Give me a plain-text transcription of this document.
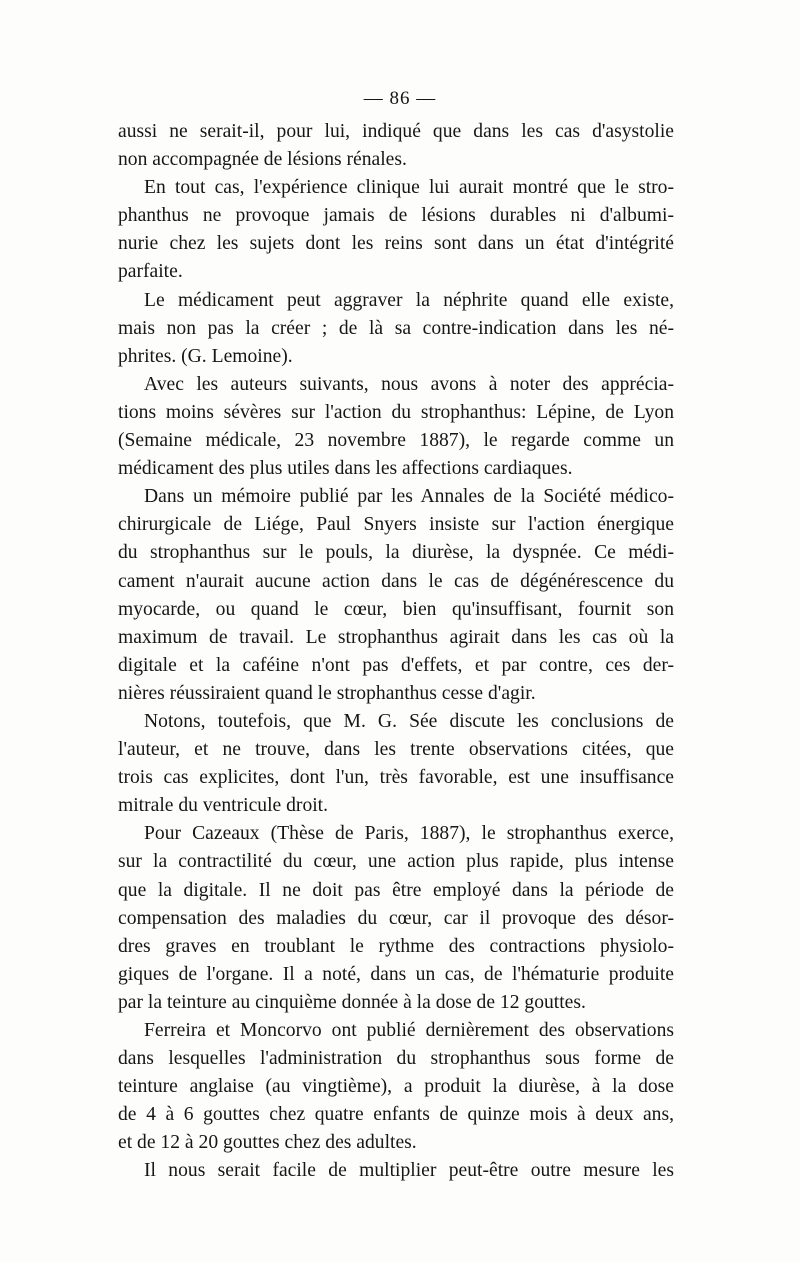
— 86 —
aussi ne serait-il, pour lui, indiqué que dans les cas d'asystolie
non accompagnée de lésions rénales.
En tout cas, l'expérience clinique lui aurait montré que le stro-
phanthus ne provoque jamais de lésions durables ni d'albumi-
nurie chez les sujets dont les reins sont dans un état d'intégrité
parfaite.
Le médicament peut aggraver la néphrite quand elle existe,
mais non pas la créer ; de là sa contre-indication dans les né-
phrites. (G. Lemoine).
Avec les auteurs suivants, nous avons à noter des apprécia-
tions moins sévères sur l'action du strophanthus: Lépine, de Lyon
(Semaine médicale, 23 novembre 1887), le regarde comme un
médicament des plus utiles dans les affections cardiaques.
Dans un mémoire publié par les Annales de la Société médico-
chirurgicale de Liége, Paul Snyers insiste sur l'action énergique
du strophanthus sur le pouls, la diurèse, la dyspnée. Ce médi-
cament n'aurait aucune action dans le cas de dégénérescence du
myocarde, ou quand le cœur, bien qu'insuffisant, fournit son
maximum de travail. Le strophanthus agirait dans les cas où la
digitale et la caféine n'ont pas d'effets, et par contre, ces der-
nières réussiraient quand le strophanthus cesse d'agir.
Notons, toutefois, que M. G. Sée discute les conclusions de
l'auteur, et ne trouve, dans les trente observations citées, que
trois cas explicites, dont l'un, très favorable, est une insuffisance
mitrale du ventricule droit.
Pour Cazeaux (Thèse de Paris, 1887), le strophanthus exerce,
sur la contractilité du cœur, une action plus rapide, plus intense
que la digitale. Il ne doit pas être employé dans la période de
compensation des maladies du cœur, car il provoque des désor-
dres graves en troublant le rythme des contractions physiolo-
giques de l'organe. Il a noté, dans un cas, de l'hématurie produite
par la teinture au cinquième donnée à la dose de 12 gouttes.
Ferreira et Moncorvo ont publié dernièrement des observations
dans lesquelles l'administration du strophanthus sous forme de
teinture anglaise (au vingtième), a produit la diurèse, à la dose
de 4 à 6 gouttes chez quatre enfants de quinze mois à deux ans,
et de 12 à 20 gouttes chez des adultes.
Il nous serait facile de multiplier peut-être outre mesure les
